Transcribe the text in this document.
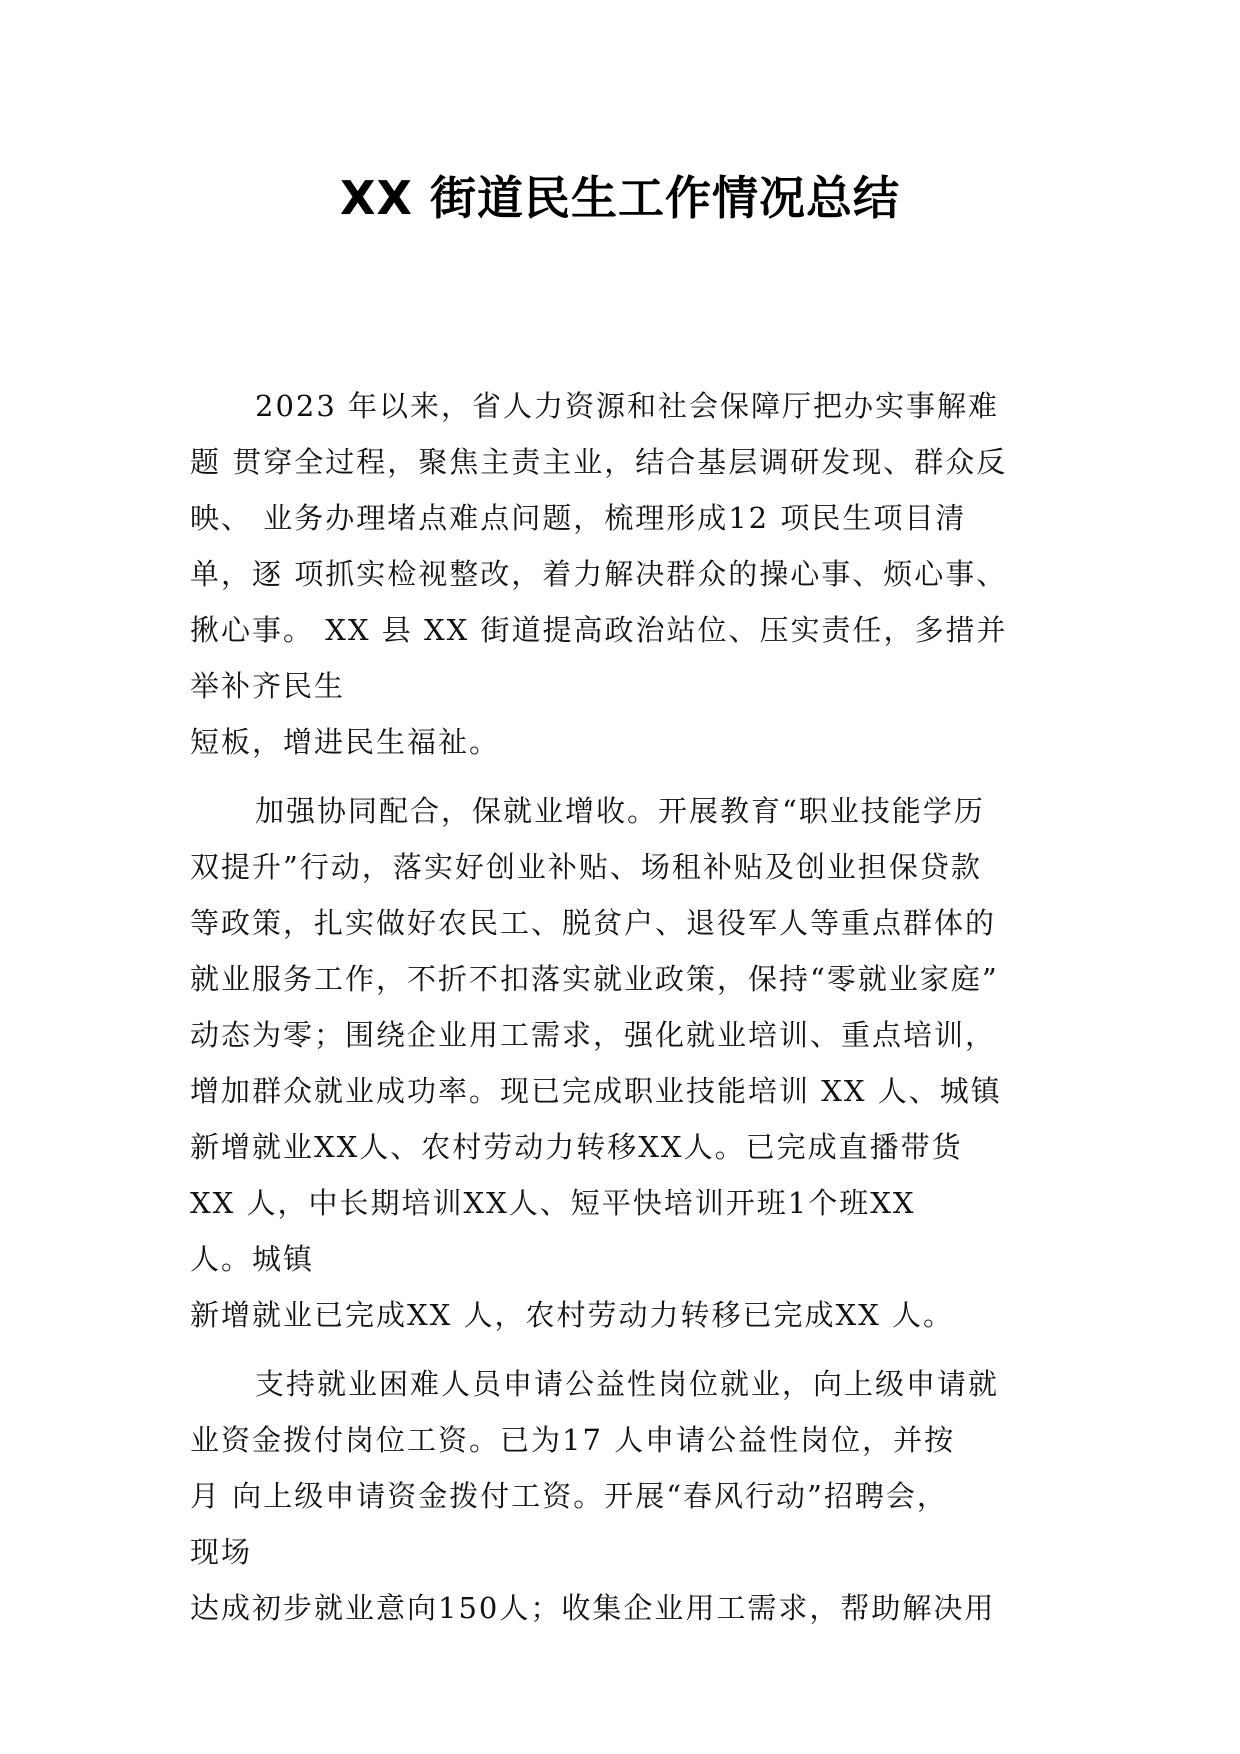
XX 街道民生工作情况总结
2023 年以来，省人力资源和社会保障厅把办实事解难
题 贯穿全过程，聚焦主责主业，结合基层调研发现、群众反
映、 业务办理堵点难点问题，梳理形成12 项民生项目清
单，逐 项抓实检视整改，着力解决群众的操心事、烦心事、
揪心事。 XX 县 XX 街道提高政治站位、压实责任，多措并
举补齐民生
短板，增进民生福祉。
加强协同配合，保就业增收。开展教育“职业技能学历
双提升”行动，落实好创业补贴、场租补贴及创业担保贷款
等政策，扎实做好农民工、脱贫户、退役军人等重点群体的
就业服务工作，不折不扣落实就业政策，保持“零就业家庭”
动态为零；围绕企业用工需求，强化就业培训、重点培训，
增加群众就业成功率。现已完成职业技能培训 XX 人、城镇
新增就业XX人、农村劳动力转移XX人。已完成直播带货
XX 人，中长期培训XX人、短平快培训开班1个班XX
人。城镇
新增就业已完成XX 人，农村劳动力转移已完成XX 人。
支持就业困难人员申请公益性岗位就业，向上级申请就
业资金拨付岗位工资。已为17 人申请公益性岗位，并按
月 向上级申请资金拨付工资。开展“春风行动”招聘会，
现场
达成初步就业意向150人；收集企业用工需求，帮助解决用
